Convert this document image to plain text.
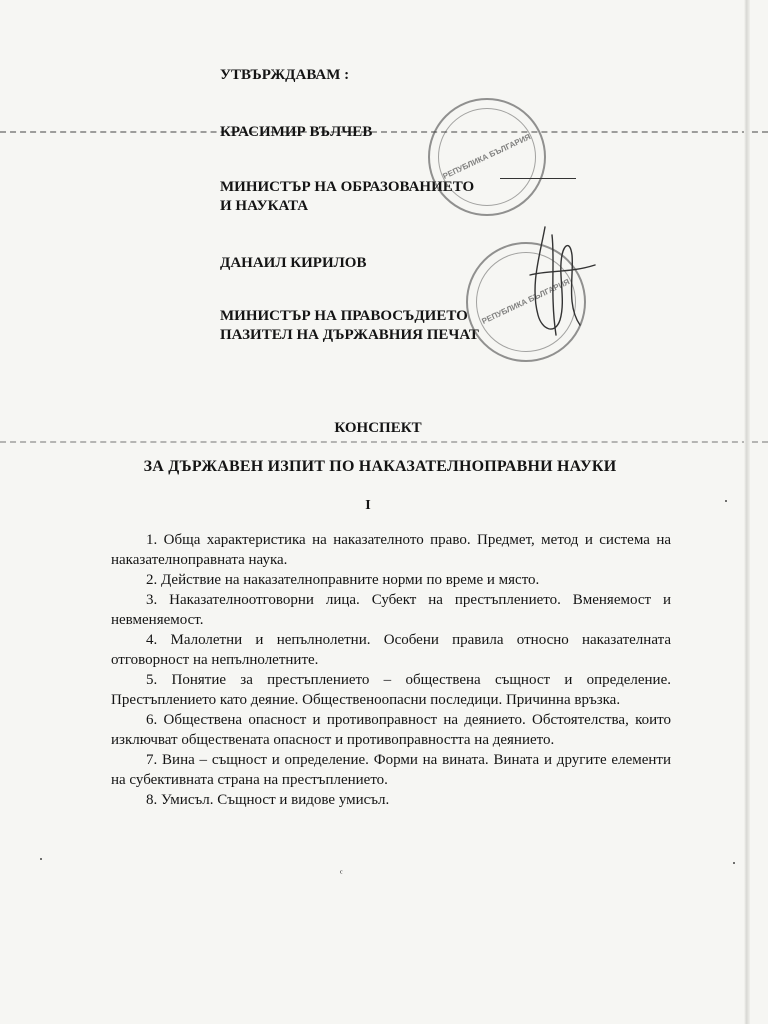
УТВЪРЖДАВАМ :
КРАСИМИР ВЪЛЧЕВ
МИНИСТЪР НА ОБРАЗОВАНИЕТО
И НАУКАТА
ДАНАИЛ КИРИЛОВ
МИНИСТЪР НА ПРАВОСЪДИЕТО
ПАЗИТЕЛ НА ДЪРЖАВНИЯ ПЕЧАТ
РЕПУБЛИКА БЪЛГАРИЯ
РЕПУБЛИКА БЪЛГАРИЯ
КОНСПЕКТ
ЗА ДЪРЖАВЕН ИЗПИТ ПО НАКАЗАТЕЛНОПРАВНИ НАУКИ
І

1. Обща характеристика на наказателното право. Предмет, метод и система на наказателноправната наука.

2. Действие на наказателноправните норми по време и място.

3. Наказателноотговорни лица. Субект на престъплението. Вменяемост и невменяемост.

4. Малолетни и непълнолетни. Особени правила относно наказателната отговорност на непълнолетните.

5. Понятие за престъплението – обществена същност и определение. Престъплението като деяние. Общественоопасни последици. Причинна връзка.

6. Обществена опасност и противоправност на деянието. Обстоятелства, които изключват обществената опасност и противоправността на деянието.

7. Вина – същност и определение. Форми на вината. Вината и другите елементи на субективната страна на престъплението.

8. Умисъл. Същност и видове умисъл.

ᶜ
